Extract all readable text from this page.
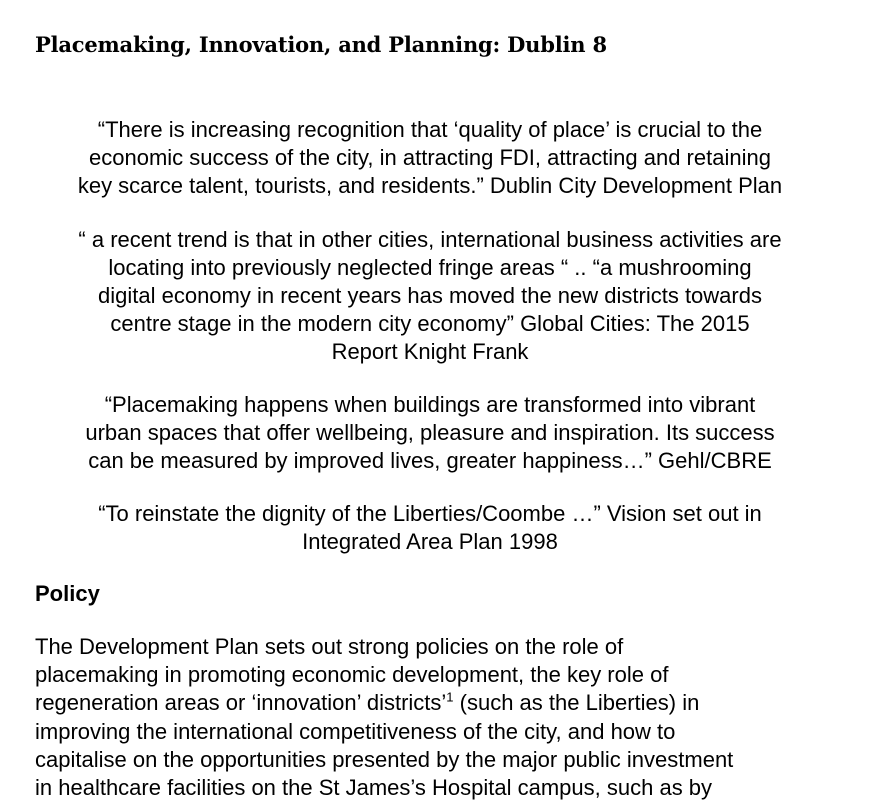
Placemaking, Innovation, and Planning: Dublin 8

“There is increasing recognition that ‘quality of place’ is crucial to the
economic success of the city, in attracting FDI, attracting and retaining
key scarce talent, tourists, and residents.” Dublin City Development Plan

“ a recent trend is that in other cities, international business activities are
locating into previously neglected fringe areas “ .. “a mushrooming
digital economy in recent years has moved the new districts towards
centre stage in the modern city economy” Global Cities: The 2015
Report Knight Frank

“Placemaking happens when buildings are transformed into vibrant
urban spaces that offer wellbeing, pleasure and inspiration. Its success
can be measured by improved lives, greater happiness…” Gehl/CBRE

“To reinstate the dignity of the Liberties/Coombe …” Vision set out in
Integrated Area Plan 1998

Policy

The Development Plan sets out strong policies on the role of
placemaking in promoting economic development, the key role of
regeneration areas or ‘innovation’ districts’$^1$ (such as the Liberties) in
improving the international competitiveness of the city, and how to
capitalise on the opportunities presented by the major public investment
in healthcare facilities on the St James’s Hospital campus, such as by
